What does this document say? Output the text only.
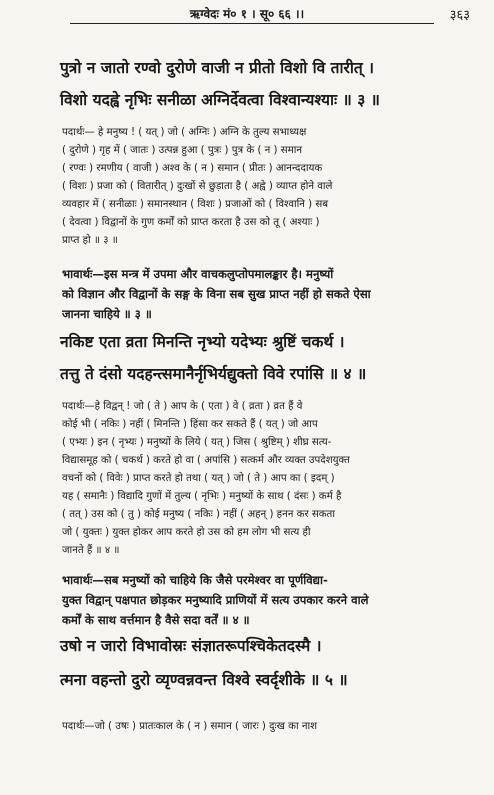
ऋग्वेदः मं० १ । सू० ६६ ।।	३६३
पुत्रो न जातो रण्वो दुरोणे वाजी न प्रीतो विशो वि तारीत् ।
विशो यदह्वे नृभिः सनीळा अग्निर्देवत्वा विश्वान्यश्याः ॥ ३ ॥
पदार्थः— हे मनुष्य ! ( यत् ) जो ( अग्निः ) अग्नि के तुल्य सभाध्यक्ष
( दुरोणे ) गृह में ( जातः ) उत्पन्न हुआ ( पुत्रः ) पुत्र के ( न ) समान
( रण्वः ) रमणीय ( वाजी ) अश्व के ( न ) समान ( प्रीतः ) आनन्ददायक
( विशः ) प्रजा को ( वितारीत् ) दुःखों से छुड़ाता है ( अह्वे ) व्याप्त होने वाले
व्यवहार में ( सनीळाः ) समानस्थान ( विशः ) प्रजाओं को ( विश्वानि ) सब
( देवत्वा ) विद्वानों के गुण कर्मों को प्राप्त करता है उस को तू ( अश्याः )
प्राप्त हो ॥ ३ ॥
भावार्थः—इस मन्त्र में उपमा और वाचकलुप्तोपमालङ्कार है। मनुष्यों
को विज्ञान और विद्वानों के सङ्ग के विना सब सुख प्राप्त नहीं हो सकते ऐसा
जानना चाहिये ॥ ३ ॥
नकिष्ट एता व्रता मिनन्ति नृभ्यो यदेभ्यः श्रुष्टिं चकर्थ ।
तत्तु ते दंसो यदहन्त्समानैर्नृभिर्यद्युक्तो विवे रपांसि ॥ ४ ॥
पदार्थः—हे विद्वन् ! जो ( ते ) आप के ( एता ) वे ( व्रता ) व्रत हैं वे
कोई भी ( नकिः ) नहीं ( मिनन्ति ) हिंसा कर सकते हैं ( यत् ) जो आप
( एभ्यः ) इन ( नृभ्यः ) मनुष्यों के लिये ( यत् ) जिस ( श्रुष्टिम् ) शीघ्र सत्य-
विद्यासमूह को ( चकर्थ ) करते हो वा ( अपांसि ) सत्कर्म और व्यक्त उपदेशयुक्त
वचनों को ( विवेः ) प्राप्त करते हो तथा ( यत् ) जो ( ते ) आप का ( इदम् )
यह ( समानैः ) विद्यादि गुणों में तुल्य ( नृभिः ) मनुष्यों के साथ ( दंसः ) कर्म है
( तत् ) उस को ( तु ) कोई मनुष्य ( नकिः ) नहीं ( अहन् ) हनन कर सकता
जो ( युक्तः ) युक्त होकर आप करते हो उस को हम लोग भी सत्य ही
जानते हैं ॥ ४ ॥
भावार्थः—सब मनुष्यों को चाहिये कि जैसे परमेश्वर वा पूर्णविद्या-
युक्त विद्वान् पक्षपात छोड़कर मनुष्यादि प्राणियों में सत्य उपकार करने वाले
कर्मों के साथ वर्त्तमान है वैसे सदा वर्तें ॥ ४ ॥
उषो न जारो विभावोस्रः संज्ञातरूपश्चिकेतदस्मै ।
त्मना वहन्तो दुरो व्यृण्वन्नवन्त विश्वे स्वर्दृशीके ॥ ५ ॥
पदार्थः—जो ( उषः ) प्रातःकाल के ( न ) समान ( जारः ) दुःख का नाश
